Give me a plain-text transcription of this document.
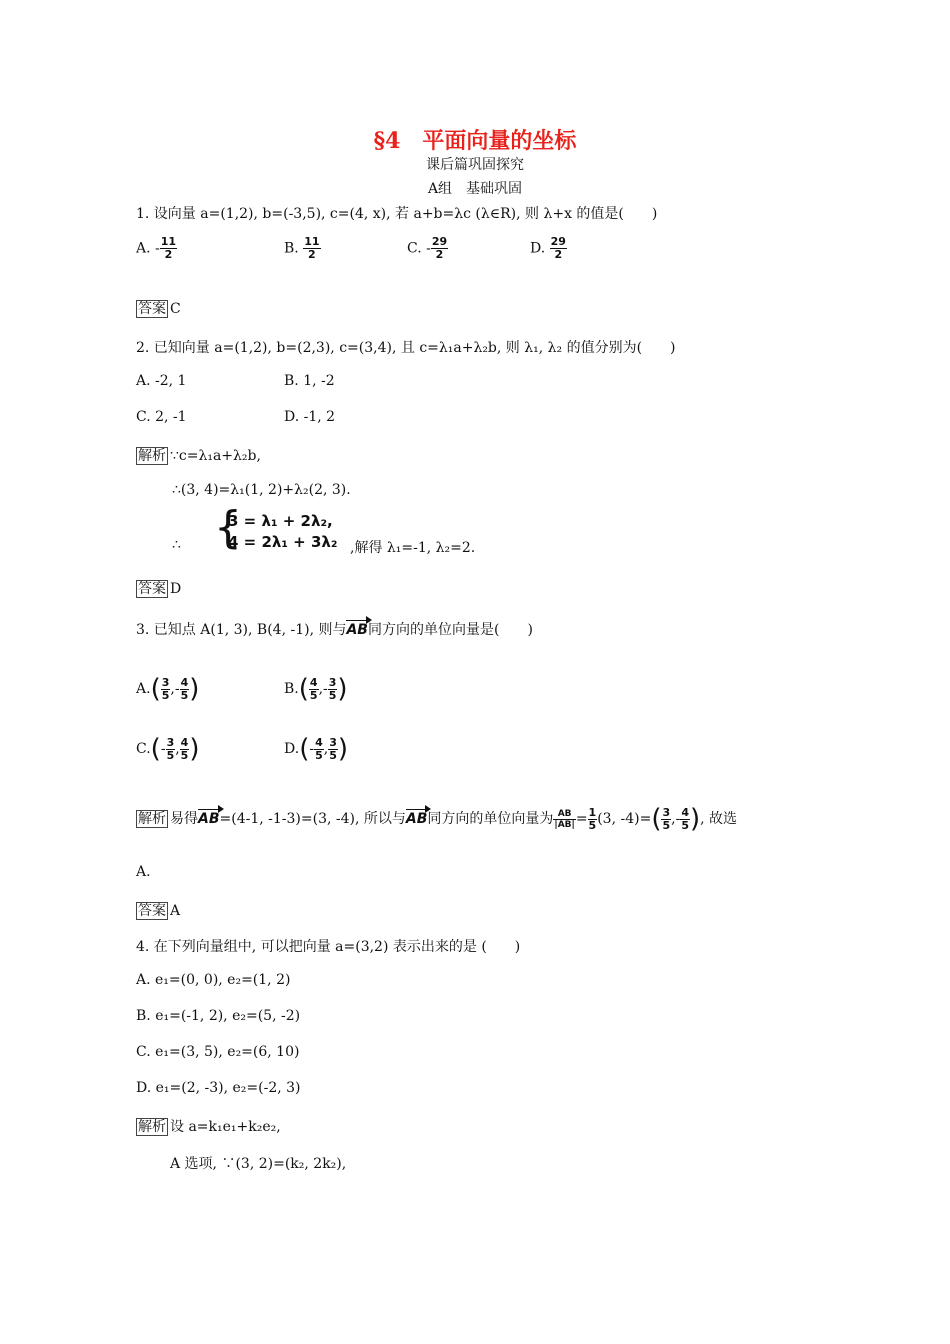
§4　平面向量的坐标
课后篇巩固探究
A组　基础巩固
1. 设向量 a=(1,2), b=(-3,5), c=(4, x), 若 a+b=λc (λ∈R), 则 λ+x 的值是(　　)
A. - $\frac{11}{2}$	B. $\frac{11}{2}$	C. - $\frac{29}{2}$	D. $\frac{29}{2}$
答案 C
2. 已知向量 a=(1,2), b=(2,3), c=(3,4), 且 c=λ₁a+λ₂b, 则 λ₁, λ₂ 的值分别为(　　)
A. -2, 1	B. 1, -2
C. 2, -1	D. -1, 2
解析 ∵c=λ₁a+λ₂b,
∴(3, 4)=λ₁(1, 2)+λ₂(2, 3).
∴ {
3 = λ₁ + 2λ₂,
4 = 2λ₁ + 3λ₂ ,解得 λ₁=-1, λ₂=2.
答案 D
3. 已知点 A(1, 3), B(4, -1), 则与AB同方向的单位向量是(　　)
$A.( \frac{3}{5}$ ,- $\frac{4}{5}$ )	$B.( \frac{4}{5}$ ,- $\frac{3}{5}$ )
$C.(- \frac{3}{5}$ , $\frac{4}{5}$ )	$D.(- \frac{4}{5}$ , $\frac{3}{5}$ )
解析 易得AB=(4-1, -1-3)=(3, -4), 所以与AB同方向的单位向量为 $\frac{AB}{|AB|} = \frac{1}{5} (3$, $-4)=( \frac{3}{5}$ ,- $\frac{4}{5}$ ), 故选
A.
答案 A
4. 在下列向量组中, 可以把向量 a=(3,2) 表示出来的是 (　　)
A. e₁=(0, 0), e₂=(1, 2)
B. e₁=(-1, 2), e₂=(5, -2)
C. e₁=(3, 5), e₂=(6, 10)
D. e₁=(2, -3), e₂=(-2, 3)
解析 设 a=k₁e₁+k₂e₂,
A 选项, ∵(3, 2)=(k₂, 2k₂),
